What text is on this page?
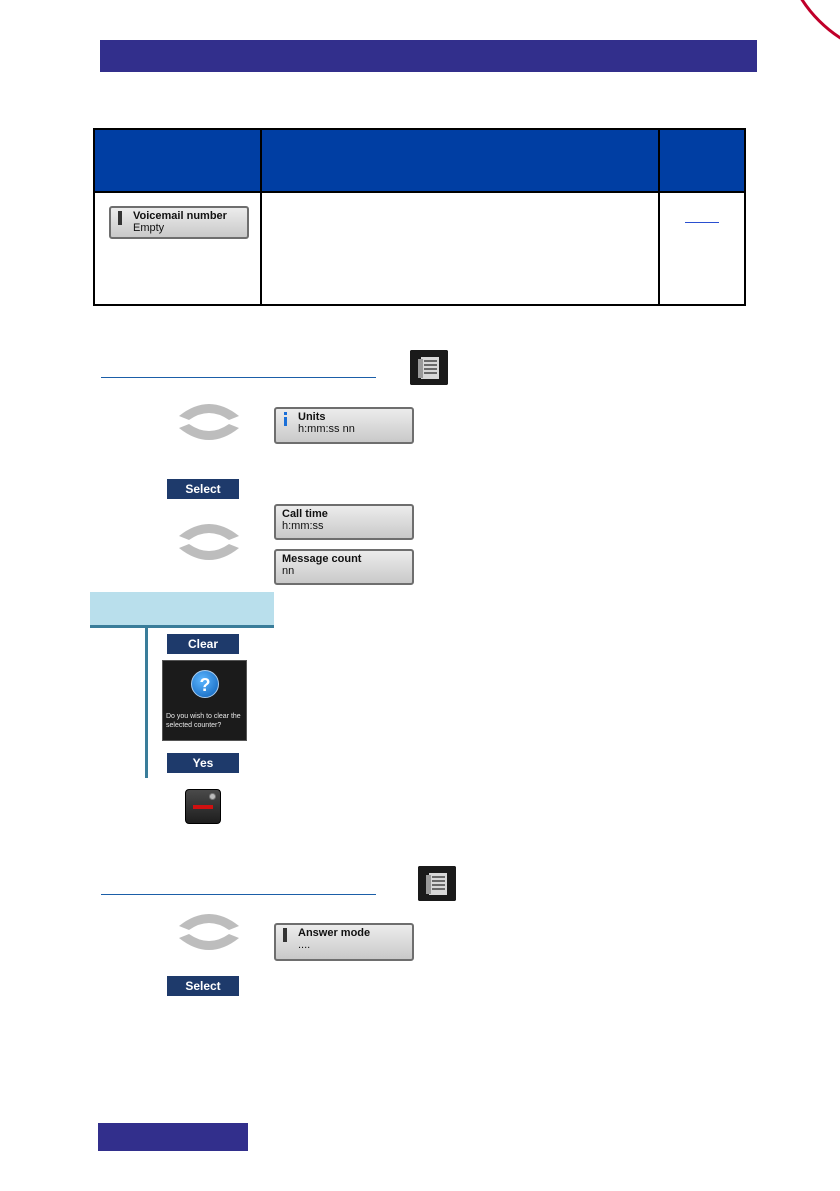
Voicemail number
Empty		

Units
h:mm:ss nn
Select
Call time
h:mm:ss
Message count
nn
Clear
?
Do you wish to clear the selected counter?
Yes
Answer mode
....
Select
